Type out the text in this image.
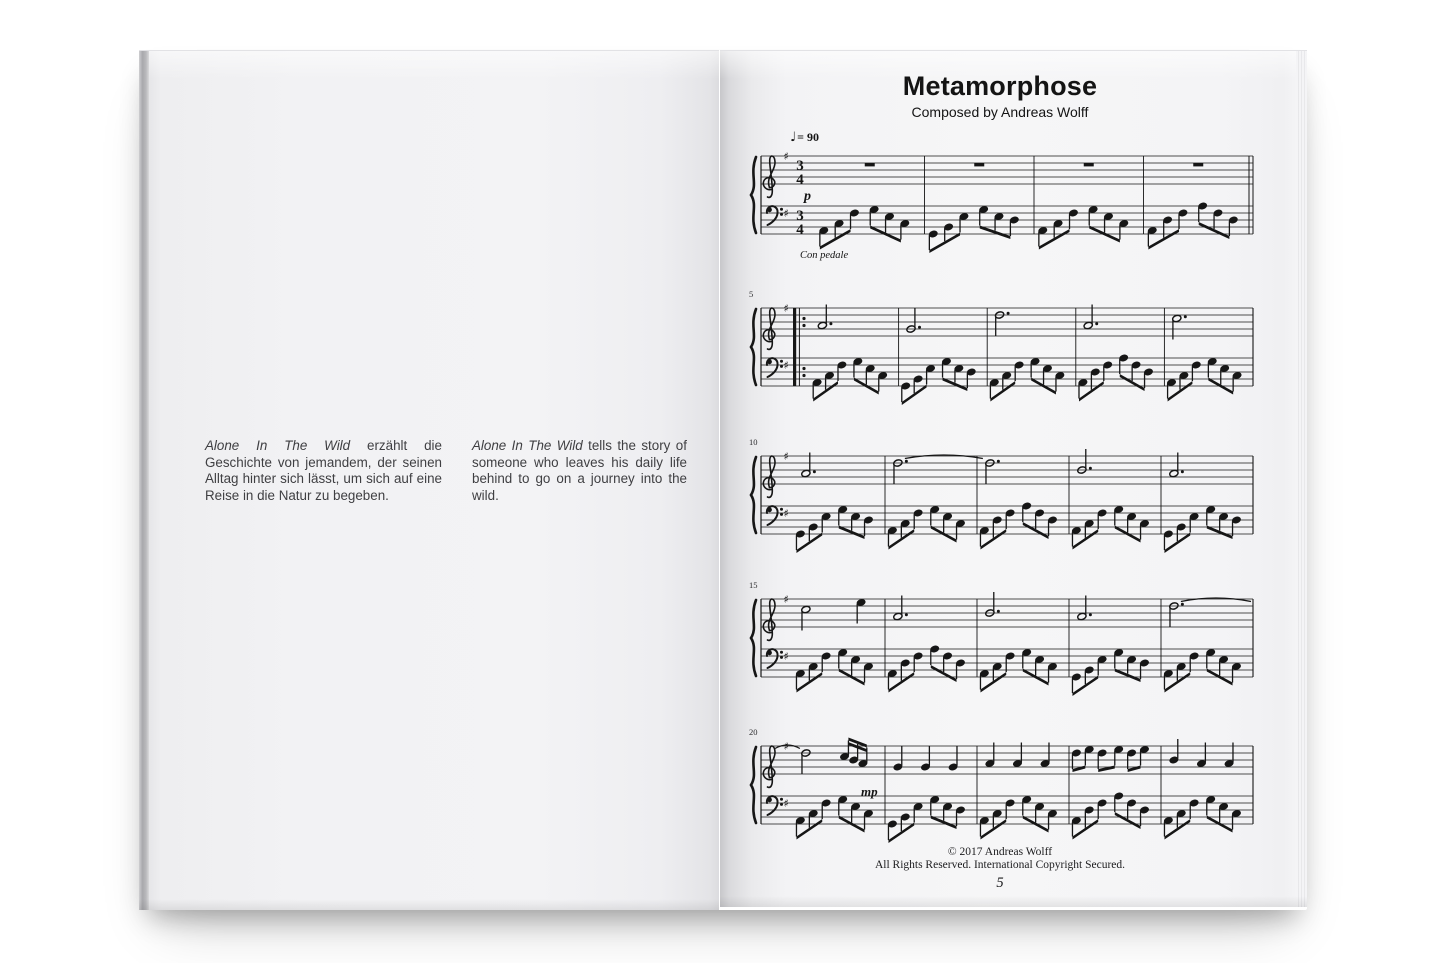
Alone In The Wild erzählt die Geschichte von jemandem, der seinen Alltag hinter sich lässt, um sich auf eine Reise in die Natur zu begeben.

Alone In The Wild tells the story of someone who leaves his daily life behind to go on a journey into the wild.

Metamorphose
Composed by Andreas Wolff
♩= 90
p
Con pedale
mp
5
10
15
20
♯
♯
3
4
3
4
♯
♯
♯
♯
♯
♯
♯
♯
© 2017 Andreas Wolff
All Rights Reserved. International Copyright Secured.
5
